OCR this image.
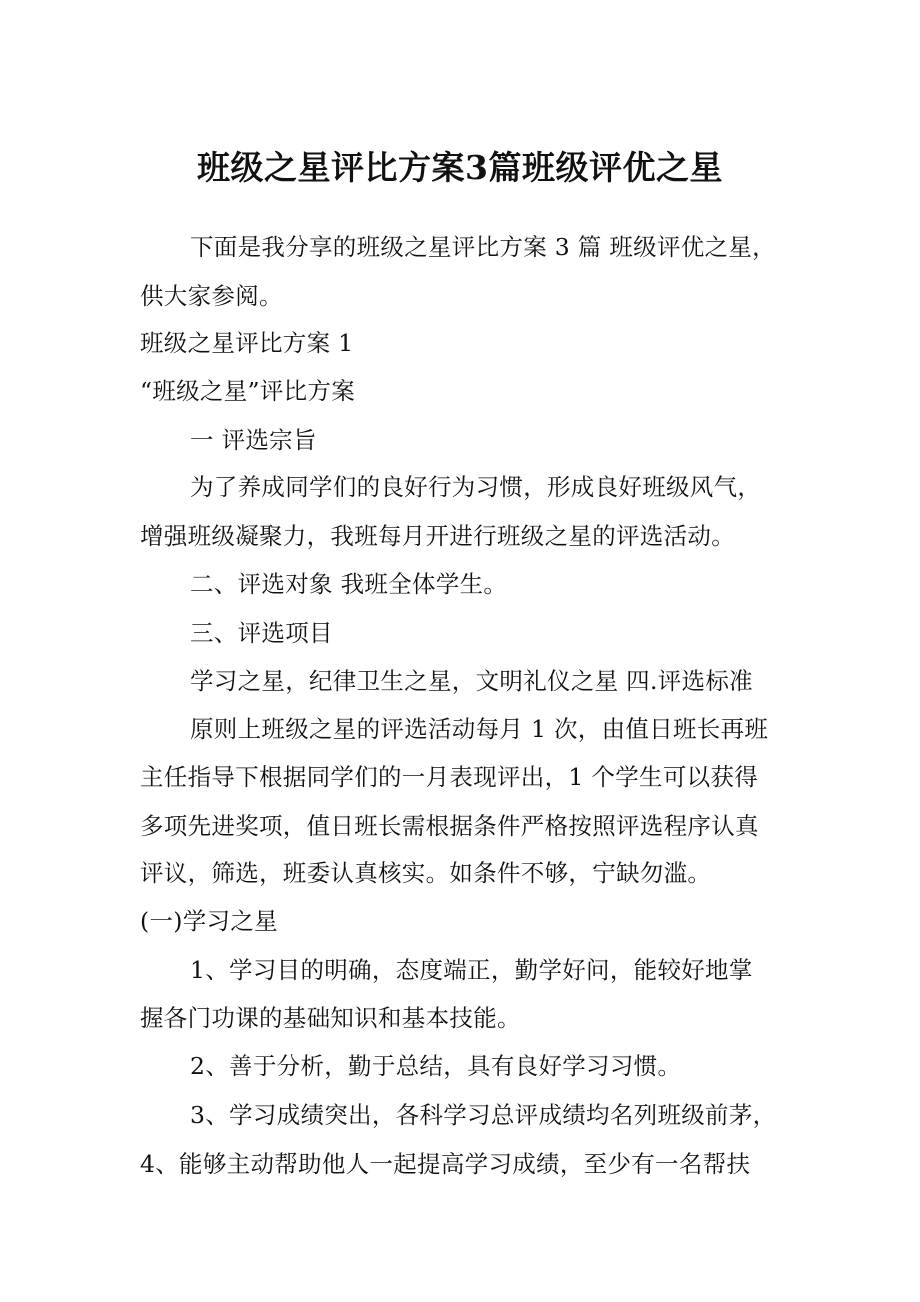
班级之星评比方案3篇班级评优之星
下面是我分享的班级之星评比方案 3 篇 班级评优之星，
供大家参阅。
班级之星评比方案 1
“班级之星”评比方案
一 评选宗旨
为了养成同学们的良好行为习惯，形成良好班级风气，
增强班级凝聚力，我班每月开进行班级之星的评选活动。
二、评选对象 我班全体学生。
三、评选项目
学习之星，纪律卫生之星，文明礼仪之星 四.评选标准
原则上班级之星的评选活动每月 1 次，由值日班长再班
主任指导下根据同学们的一月表现评出，1 个学生可以获得
多项先进奖项，值日班长需根据条件严格按照评选程序认真
评议，筛选，班委认真核实。如条件不够，宁缺勿滥。
(一)学习之星
1、学习目的明确，态度端正，勤学好问，能较好地掌
握各门功课的基础知识和基本技能。
2、善于分析，勤于总结，具有良好学习习惯。
3、学习成绩突出，各科学习总评成绩均名列班级前茅，
4、能够主动帮助他人一起提高学习成绩，至少有一名帮扶
